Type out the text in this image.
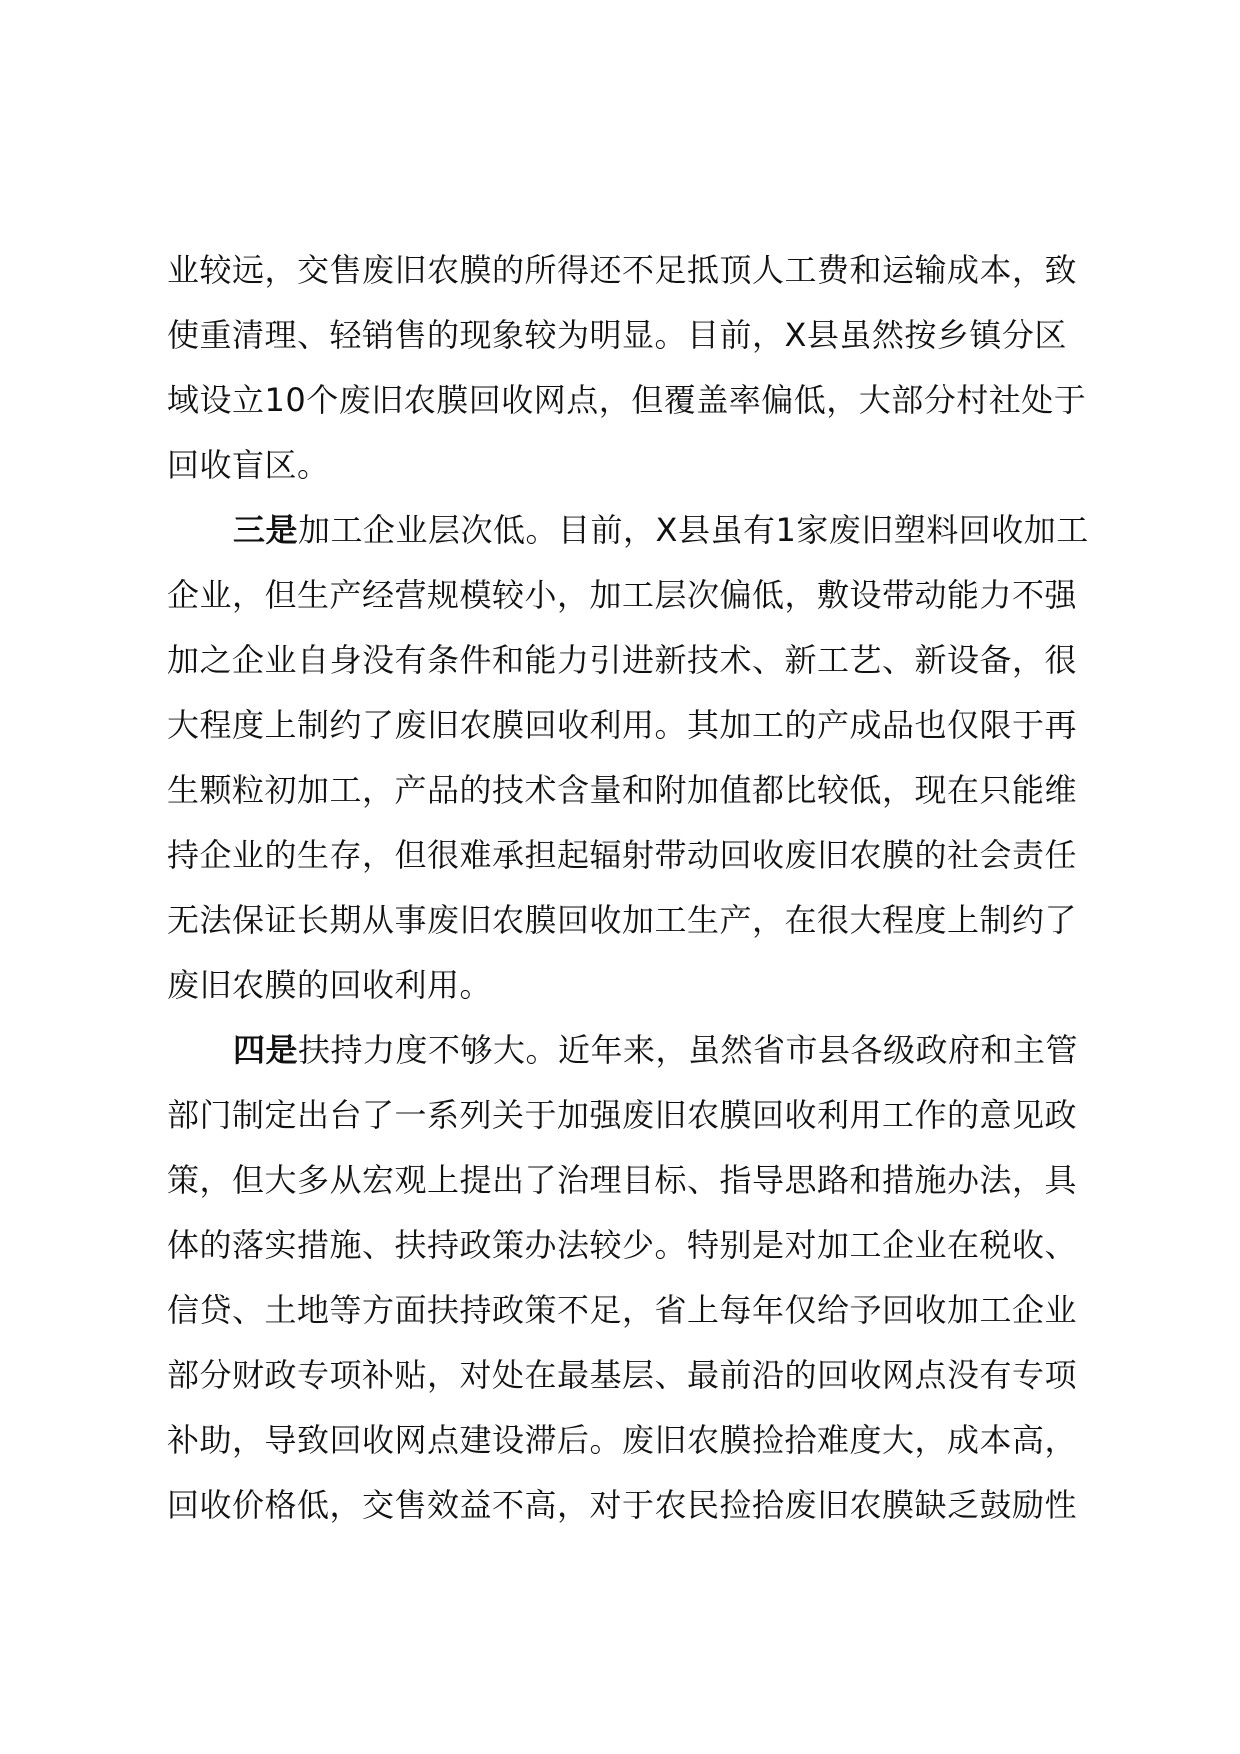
业较远，交售废旧农膜的所得还不足抵顶人工费和运输成本，致
使重清理、轻销售的现象较为明显。目前，X县虽然按乡镇分区
域设立10个废旧农膜回收网点，但覆盖率偏低，大部分村社处于
回收盲区。
三是加工企业层次低。目前，X县虽有1家废旧塑料回收加工
企业，但生产经营规模较小，加工层次偏低，敷设带动能力不强
加之企业自身没有条件和能力引进新技术、新工艺、新设备，很
大程度上制约了废旧农膜回收利用。其加工的产成品也仅限于再
生颗粒初加工，产品的技术含量和附加值都比较低，现在只能维
持企业的生存，但很难承担起辐射带动回收废旧农膜的社会责任
无法保证长期从事废旧农膜回收加工生产，在很大程度上制约了
废旧农膜的回收利用。
四是扶持力度不够大。近年来，虽然省市县各级政府和主管
部门制定出台了一系列关于加强废旧农膜回收利用工作的意见政
策，但大多从宏观上提出了治理目标、指导思路和措施办法，具
体的落实措施、扶持政策办法较少。特别是对加工企业在税收、
信贷、土地等方面扶持政策不足，省上每年仅给予回收加工企业
部分财政专项补贴，对处在最基层、最前沿的回收网点没有专项
补助，导致回收网点建设滞后。废旧农膜捡拾难度大，成本高，
回收价格低，交售效益不高，对于农民捡拾废旧农膜缺乏鼓励性
